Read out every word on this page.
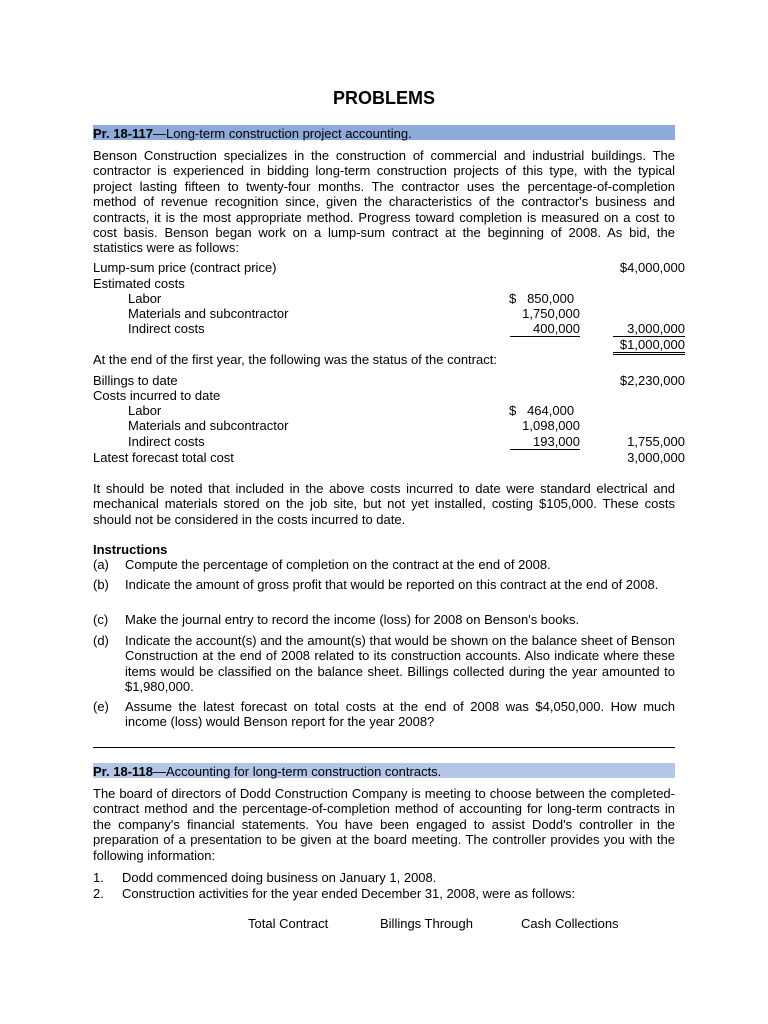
PROBLEMS
Pr. 18-117—Long-term construction project accounting.
Benson Construction specializes in the construction of commercial and industrial buildings. The contractor is experienced in bidding long-term construction projects of this type, with the typical project lasting fifteen to twenty-four months. The contractor uses the percentage-of-completion method of revenue recognition since, given the characteristics of the contractor's business and contracts, it is the most appropriate method. Progress toward completion is measured on a cost to cost basis. Benson began work on a lump-sum contract at the beginning of 2008. As bid, the statistics were as follows:
Lump-sum price (contract price)	$4,000,000
Estimated costs
Labor	$   850,000
Materials and subcontractor	1,750,000
Indirect costs	400,000	3,000,000
$1,000,000
At the end of the first year, the following was the status of the contract:
Billings to date	$2,230,000
Costs incurred to date
Labor	$   464,000
Materials and subcontractor	1,098,000
Indirect costs	193,000	1,755,000
Latest forecast total cost	3,000,000
It should be noted that included in the above costs incurred to date were standard electrical and mechanical materials stored on the job site, but not yet installed, costing $105,000. These costs should not be considered in the costs incurred to date.
Instructions
(a)	Compute the percentage of completion on the contract at the end of 2008.
(b)	Indicate the amount of gross profit that would be reported on this contract at the end of 2008.
(c)	Make the journal entry to record the income (loss) for 2008 on Benson's books.
(d)	Indicate the account(s) and the amount(s) that would be shown on the balance sheet of Benson Construction at the end of 2008 related to its construction accounts. Also indicate where these items would be classified on the balance sheet. Billings collected during the year amounted to $1,980,000.
(e)	Assume the latest forecast on total costs at the end of 2008 was $4,050,000. How much income (loss) would Benson report for the year 2008?
Pr. 18-118—Accounting for long-term construction contracts.
The board of directors of Dodd Construction Company is meeting to choose between the completed-contract method and the percentage-of-completion method of accounting for long-term contracts in the company's financial statements. You have been engaged to assist Dodd's controller in the preparation of a presentation to be given at the board meeting. The controller provides you with the following information:
1.	Dodd commenced doing business on January 1, 2008.
2.	Construction activities for the year ended December 31, 2008, were as follows:
Total Contract	Billings Through	Cash Collections
